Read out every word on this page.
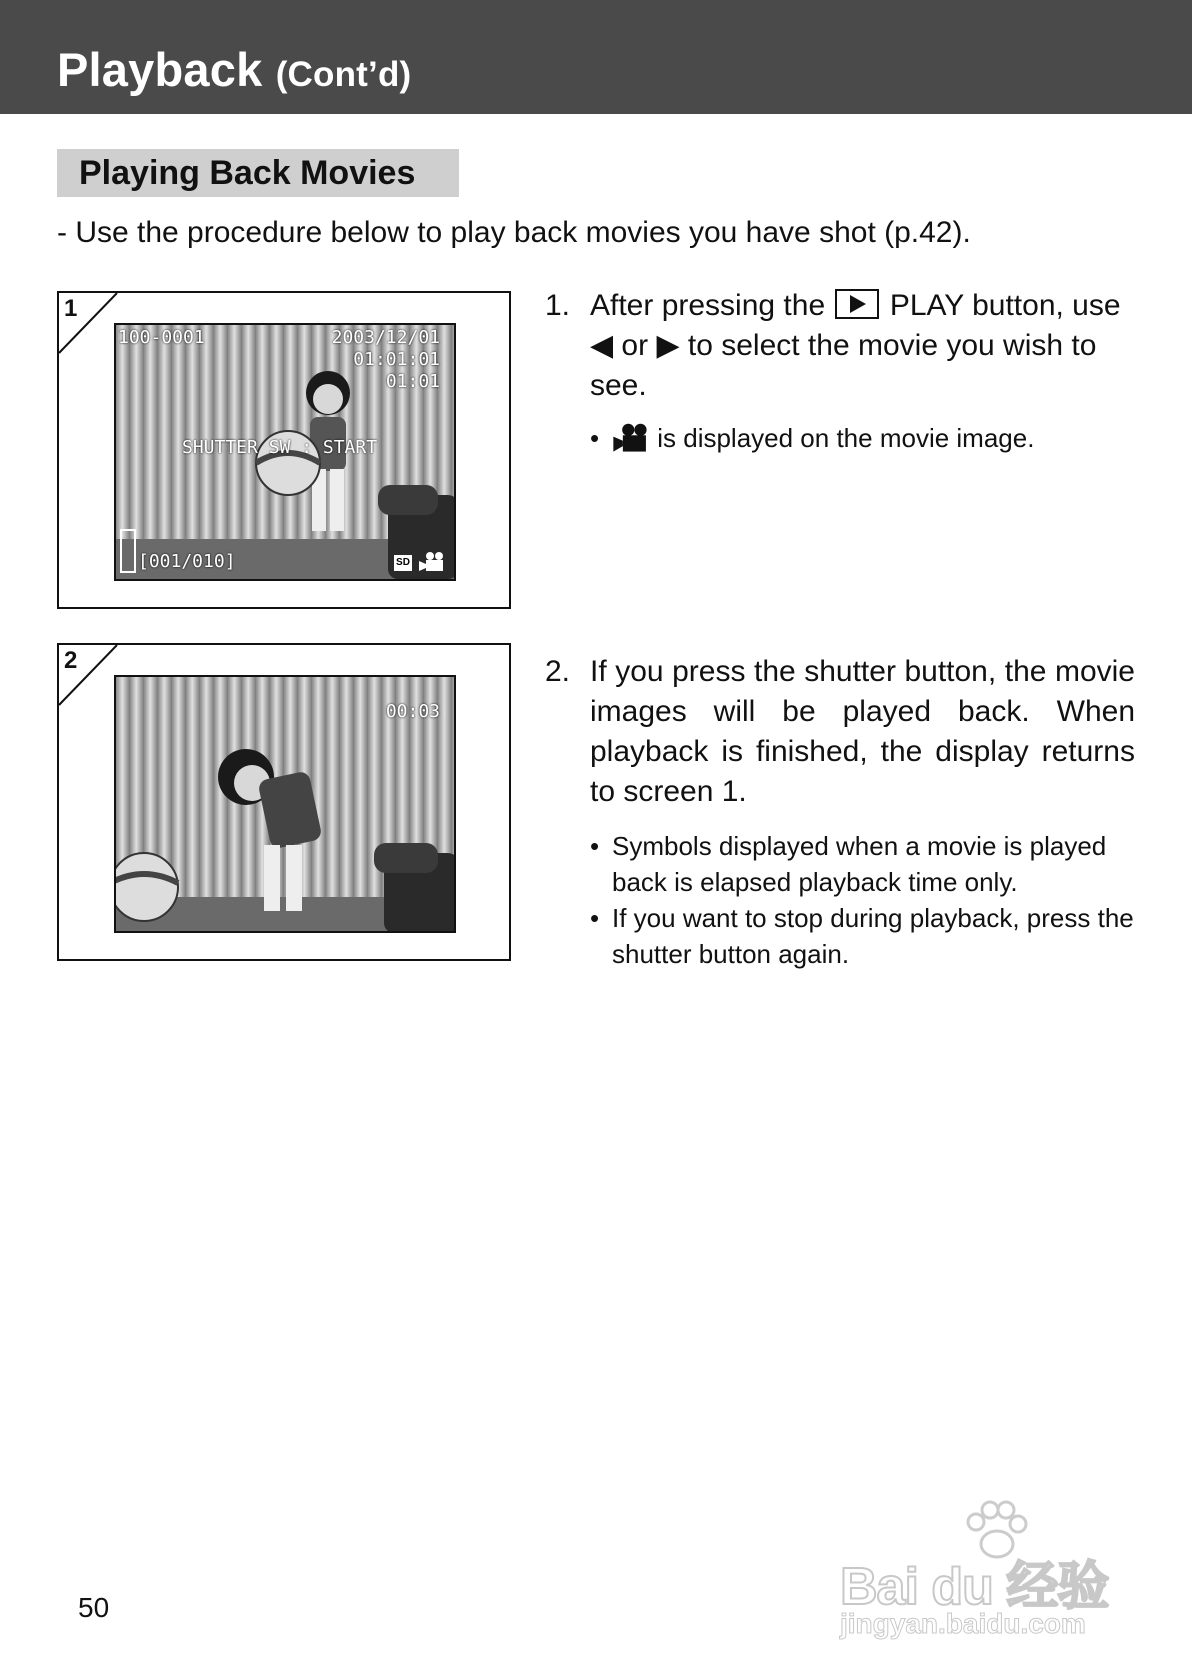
Playback (Cont’d)
Playing Back Movies
- Use the procedure below to play back movies you have shot (p.42).
1
100-0001	2003/12/01
01:01:01
01:01
SHUTTER SW : START
[001/010]	SD
2
00:03
1. After pressing the PLAY button, use
◀ or ▶ to select the movie you wish to see.
• is displayed on the movie image.
2. If you press the shutter button, the movie images will be played back. When playback is finished, the display returns to screen 1.
• Symbols displayed when a movie is played back is elapsed playback time only.
• If you want to stop during playback, press the shutter button again.
50	Bai du 经验
jingyan.baidu.com
